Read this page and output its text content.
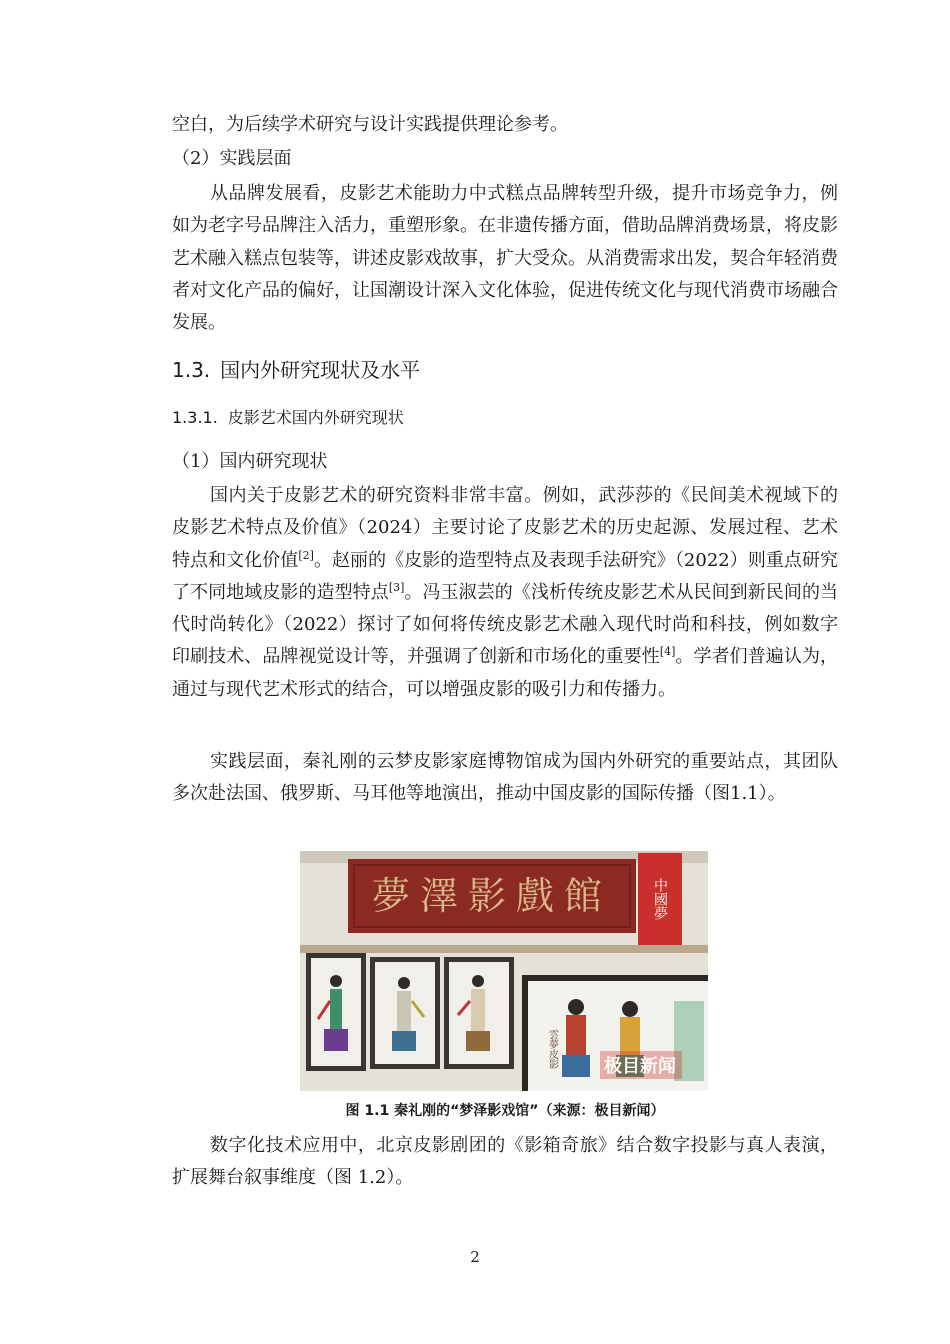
空白，为后续学术研究与设计实践提供理论参考。
（2）实践层面
从品牌发展看，皮影艺术能助力中式糕点品牌转型升级，提升市场竞争力，例如为老字号品牌注入活力，重塑形象。在非遗传播方面，借助品牌消费场景，将皮影艺术融入糕点包装等，讲述皮影戏故事，扩大受众。从消费需求出发，契合年轻消费者对文化产品的偏好，让国潮设计深入文化体验，促进传统文化与现代消费市场融合发展。
1.3. 国内外研究现状及水平
1.3.1. 皮影艺术国内外研究现状
（1）国内研究现状
国内关于皮影艺术的研究资料非常丰富。例如，武莎莎的《民间美术视域下的皮影艺术特点及价值》（2024）主要讨论了皮影艺术的历史起源、发展过程、艺术特点和文化价值[2]。赵丽的《皮影的造型特点及表现手法研究》（2022）则重点研究了不同地域皮影的造型特点[3]。冯玉淑芸的《浅析传统皮影艺术从民间到新民间的当代时尚转化》（2022）探讨了如何将传统皮影艺术融入现代时尚和科技，例如数字印刷技术、品牌视觉设计等，并强调了创新和市场化的重要性[4]。学者们普遍认为，通过与现代艺术形式的结合，可以增强皮影的吸引力和传播力。
实践层面，秦礼刚的云梦皮影家庭博物馆成为国内外研究的重要站点，其团队多次赴法国、俄罗斯、马耳他等地演出，推动中国皮影的国际传播（图1.1）。
夢澤影戲館	中國夢
雲夢皮影	极目新闻
图 1.1 秦礼刚的“梦泽影戏馆”（来源：极目新闻）
数字化技术应用中，北京皮影剧团的《影箱奇旅》结合数字投影与真人表演，扩展舞台叙事维度（图 1.2）。
2
